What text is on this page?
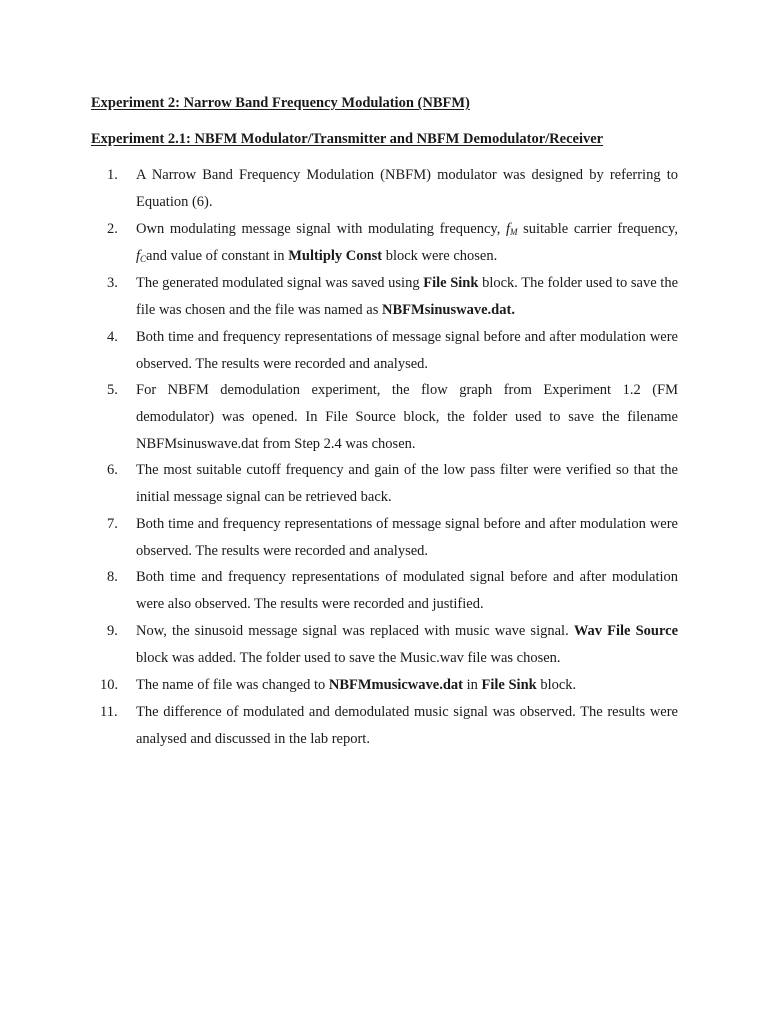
Experiment 2: Narrow Band Frequency Modulation (NBFM)
Experiment 2.1: NBFM Modulator/Transmitter and NBFM Demodulator/Receiver
1.	A Narrow Band Frequency Modulation (NBFM) modulator was designed by referring to Equation (6).
2.	Own modulating message signal with modulating frequency, $f_M$ suitable carrier frequency, $f_Cand$ value of constant in Multiply Const block were chosen.
3.	The generated modulated signal was saved using File Sink block. The folder used to save the file was chosen and the file was named as NBFMsinuswave.dat.
4.	Both time and frequency representations of message signal before and after modulation were observed. The results were recorded and analysed.
5.	For NBFM demodulation experiment, the flow graph from Experiment 1.2 (FM demodulator) was opened. In File Source block, the folder used to save the filename NBFMsinuswave.dat from Step 2.4 was chosen.
6.	The most suitable cutoff frequency and gain of the low pass filter were verified so that the initial message signal can be retrieved back.
7.	Both time and frequency representations of message signal before and after modulation were observed. The results were recorded and analysed.
8.	Both time and frequency representations of modulated signal before and after modulation were also observed. The results were recorded and justified.
9.	Now, the sinusoid message signal was replaced with music wave signal. Wav File Source block was added. The folder used to save the Music.wav file was chosen.
10.	The name of file was changed to NBFMmusicwave.dat in File Sink block.
11.	The difference of modulated and demodulated music signal was observed. The results were analysed and discussed in the lab report.
